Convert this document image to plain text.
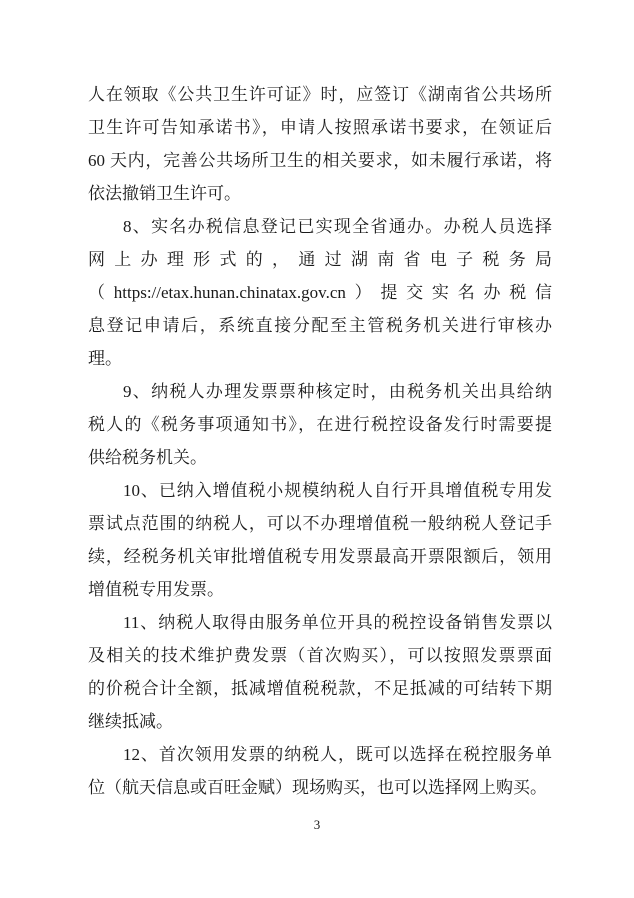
人在领取《公共卫生许可证》时，应签订《湖南省公共场所
卫生许可告知承诺书》，申请人按照承诺书要求，在领证后
60 天内，完善公共场所卫生的相关要求，如未履行承诺，将
依法撤销卫生许可。
8、实名办税信息登记已实现全省通办。办税人员选择
网上办理形式的，通过湖南省电子税务局
（https://etax.hunan.chinatax.gov.cn）提交实名办税信
息登记申请后，系统直接分配至主管税务机关进行审核办
理。
9、纳税人办理发票票种核定时，由税务机关出具给纳
税人的《税务事项通知书》，在进行税控设备发行时需要提
供给税务机关。
10、已纳入增值税小规模纳税人自行开具增值税专用发
票试点范围的纳税人，可以不办理增值税一般纳税人登记手
续，经税务机关审批增值税专用发票最高开票限额后，领用
增值税专用发票。
11、纳税人取得由服务单位开具的税控设备销售发票以
及相关的技术维护费发票（首次购买），可以按照发票票面
的价税合计全额，抵减增值税税款，不足抵减的可结转下期
继续抵减。
12、首次领用发票的纳税人，既可以选择在税控服务单
位（航天信息或百旺金赋）现场购买，也可以选择网上购买。
3
